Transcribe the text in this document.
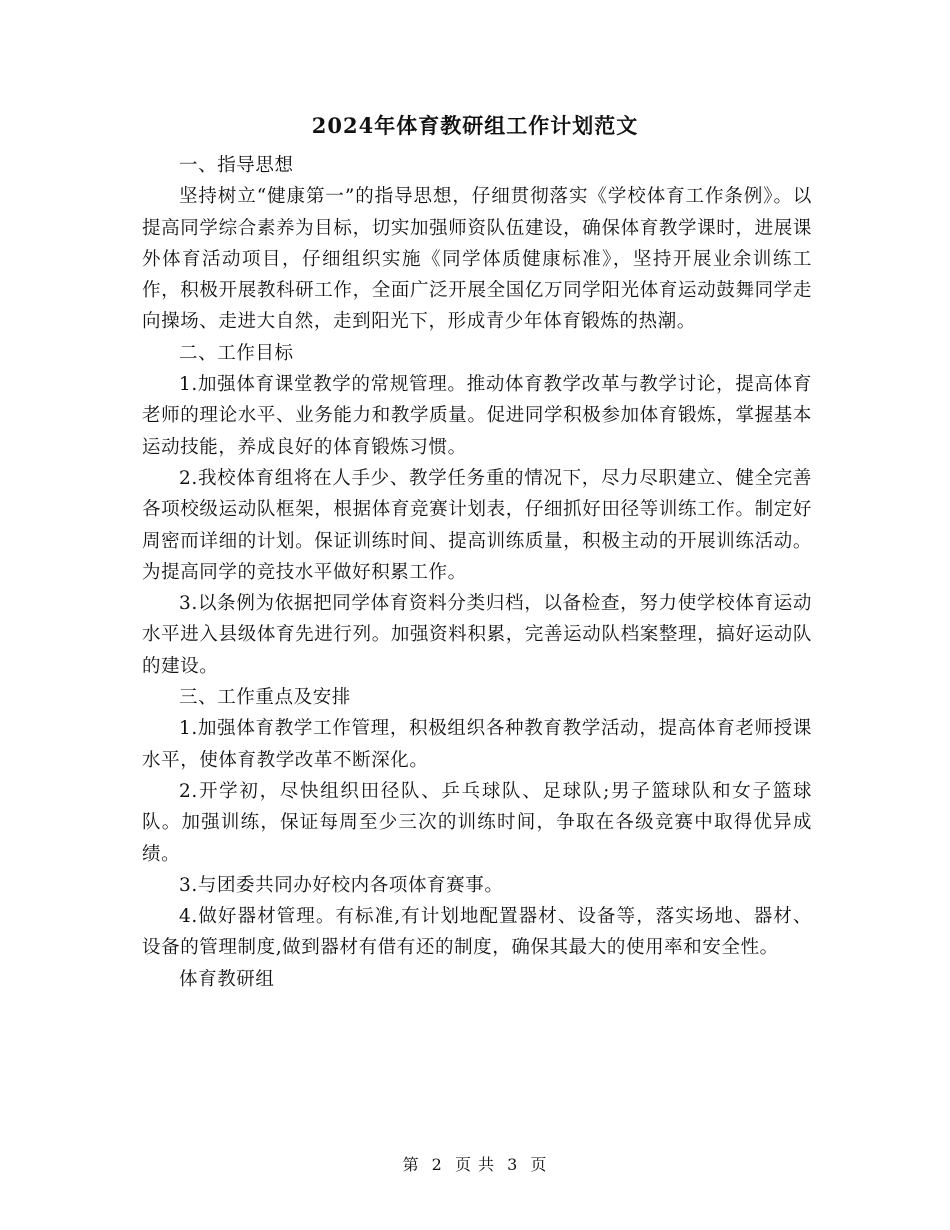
2024年体育教研组工作计划范文

一、指导思想

坚持树立“健康第一”的指导思想，仔细贯彻落实《学校体育工作条例》。以提高同学综合素养为目标，切实加强师资队伍建设，确保体育教学课时，进展课外体育活动项目，仔细组织实施《同学体质健康标准》，坚持开展业余训练工作，积极开展教科研工作，全面广泛开展全国亿万同学阳光体育运动鼓舞同学走向操场、走进大自然，走到阳光下，形成青少年体育锻炼的热潮。

二、工作目标

1.加强体育课堂教学的常规管理。推动体育教学改革与教学讨论，提高体育老师的理论水平、业务能力和教学质量。促进同学积极参加体育锻炼，掌握基本运动技能，养成良好的体育锻炼习惯。

2.我校体育组将在人手少、教学任务重的情况下，尽力尽职建立、健全完善各项校级运动队框架，根据体育竞赛计划表，仔细抓好田径等训练工作。制定好周密而详细的计划。保证训练时间、提高训练质量，积极主动的开展训练活动。为提高同学的竞技水平做好积累工作。

3.以条例为依据把同学体育资料分类归档，以备检查，努力使学校体育运动水平进入县级体育先进行列。加强资料积累，完善运动队档案整理，搞好运动队的建设。

三、工作重点及安排

1.加强体育教学工作管理，积极组织各种教育教学活动，提高体育老师授课水平，使体育教学改革不断深化。

2.开学初，尽快组织田径队、乒乓球队、足球队;男子篮球队和女子篮球队。加强训练，保证每周至少三次的训练时间，争取在各级竞赛中取得优异成绩。

3.与团委共同办好校内各项体育赛事。

4.做好器材管理。有标准,有计划地配置器材、设备等，落实场地、器材、设备的管理制度,做到器材有借有还的制度，确保其最大的使用率和安全性。

体育教研组

第 2 页 共 3 页
